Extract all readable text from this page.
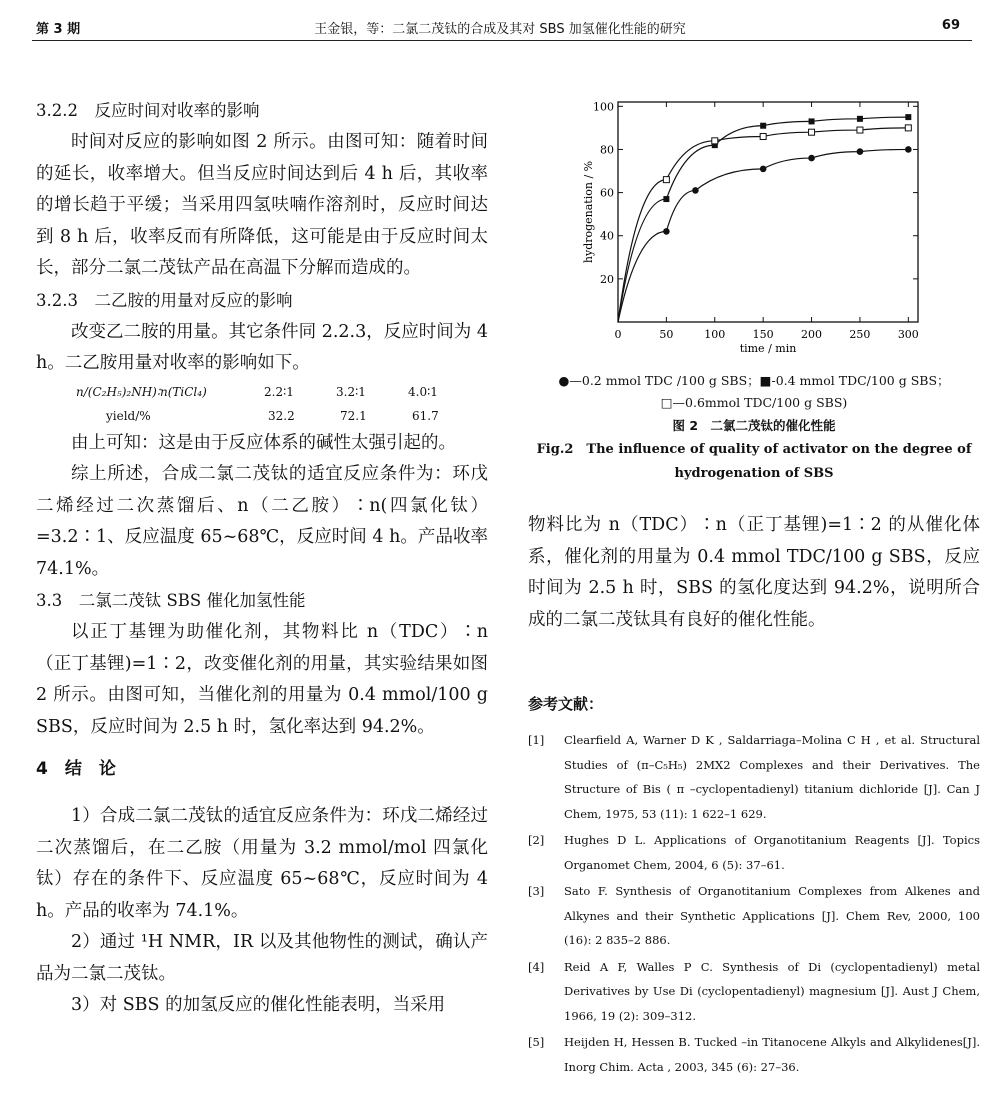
第 3 期	王金银，等：二氯二茂钛的合成及其对 SBS 加氢催化性能的研究	69

3.2.2　反应时间对收率的影响

时间对反应的影响如图 2 所示。由图可知：随着时间的延长，收率增大。但当反应时间达到后 4 h 后，其收率的增长趋于平缓；当采用四氢呋喃作溶剂时，反应时间达到 8 h 后，收率反而有所降低，这可能是由于反应时间太长，部分二氯二茂钛产品在高温下分解而造成的。

3.2.3　二乙胺的用量对反应的影响

改变乙二胺的用量。其它条件同 2.2.3，反应时间为 4 h。二乙胺用量对收率的影响如下。

n/(C₂H₅)₂NH)∶n(TiCl₄)	2.2∶1	3.2∶1	4.0∶1
yield/%	32.2	72.1	61.7

由上可知：这是由于反应体系的碱性太强引起的。

综上所述，合成二氯二茂钛的适宜反应条件为：环戊二烯经过二次蒸馏后、n（二乙胺）∶n(四氯化钛）=3.2∶1、反应温度 65~68℃，反应时间 4 h。产品收率 74.1%。

3.3　二氯二茂钛 SBS 催化加氢性能

以正丁基锂为助催化剂，其物料比 n（TDC）∶n（正丁基锂)=1∶2，改变催化剂的用量，其实验结果如图 2 所示。由图可知，当催化剂的用量为 0.4 mmol/100 g SBS，反应时间为 2.5 h 时，氢化率达到 94.2%。

4　结　论

1）合成二氯二茂钛的适宜反应条件为：环戊二烯经过二次蒸馏后，在二乙胺（用量为 3.2 mmol/mol 四氯化钛）存在的条件下、反应温度 65~68℃，反应时间为 4 h。产品的收率为 74.1%。

2）通过 ¹H NMR，IR 以及其他物性的测试，确认产品为二氯二茂钛。

3）对 SBS 的加氢反应的催化性能表明，当采用

0	50	100 150 200 250 300
20
40
60
80
100
time / min
hydrogenation / %
●—0.2 mmol TDC /100 g SBS；■-0.4 mmol TDC/100 g SBS；
□—0.6mmol TDC/100 g SBS)
图 2　二氯二茂钛的催化性能
Fig.2　The influence of quality of activator on the degree of hydrogenation of SBS

物料比为 n（TDC）∶n（正丁基锂)=1∶2 的从催化体系，催化剂的用量为 0.4 mmol TDC/100 g SBS，反应时间为 2.5 h 时，SBS 的氢化度达到 94.2%，说明所合成的二氯二茂钛具有良好的催化性能。

参考文献：
[1] Clearfield A, Warner D K , Saldarriaga–Molina C H , et al. Structural Studies of (π–C₅H₅) 2MX2 Complexes and their Derivatives. The Structure of Bis ( π –cyclopentadienyl) titanium dichloride [J]. Can J Chem, 1975, 53 (11): 1 622–1 629.
[2] Hughes D L. Applications of Organotitanium Reagents [J]. Topics Organomet Chem, 2004, 6 (5): 37–61.
[3] Sato F. Synthesis of Organotitanium Complexes from Alkenes and Alkynes and their Synthetic Applications [J]. Chem Rev, 2000, 100 (16): 2 835–2 886.
[4] Reid A F, Walles P C. Synthesis of Di (cyclopentadienyl) metal Derivatives by Use Di (cyclopentadienyl) magnesium [J]. Aust J Chem, 1966, 19 (2): 309–312.
[5] Heijden H, Hessen B. Tucked –in Titanocene Alkyls and Alkylidenes[J]. Inorg Chim. Acta , 2003, 345 (6): 27–36.
